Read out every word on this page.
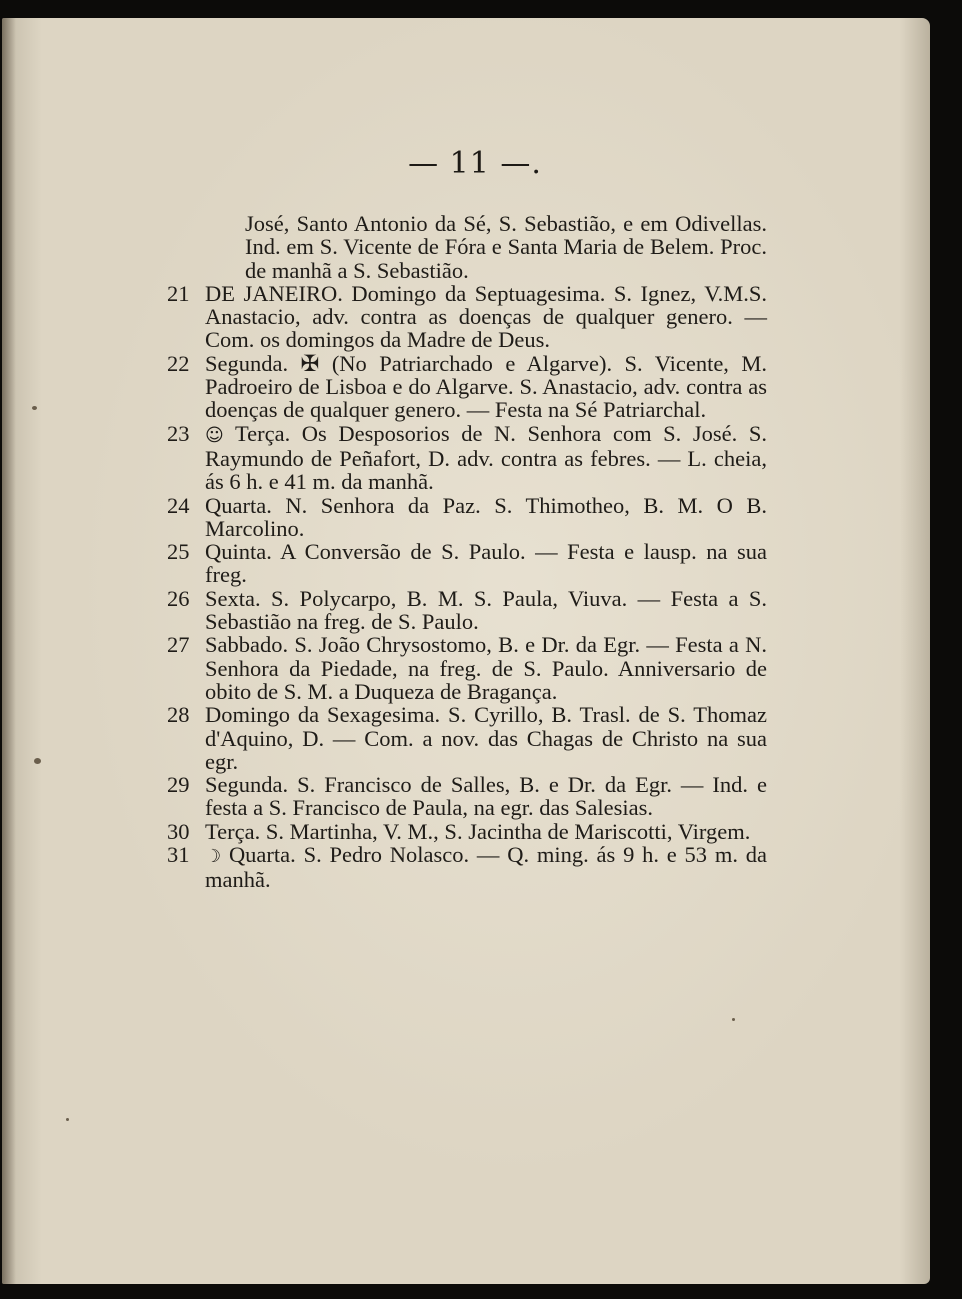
— 11 —.

José, Santo Antonio da Sé, S. Sebastião, e em Odivellas. Ind. em S. Vicente de Fóra e Santa Maria de Belem. Proc. de manhã a S. Sebastião.

21 DE JANEIRO. Domingo da Septuagesima. S. Ignez, V.M.S. Anastacio, adv. contra as doenças de qualquer genero. — Com. os domingos da Madre de Deus.
22 Segunda. ✠ (No Patriarchado e Algarve). S. Vicente, M. Padroeiro de Lisboa e do Algarve. S. Anastacio, adv. contra as doenças de qualquer genero. — Festa na Sé Patriarchal.
23 ☺ Terça. Os Desposorios de N. Senhora com S. José. S. Raymundo de Peñafort, D. adv. contra as febres. — L. cheia, ás 6 h. e 41 m. da manhã.
24 Quarta. N. Senhora da Paz. S. Thimotheo, B. M. O B. Marcolino.
25 Quinta. A Conversão de S. Paulo. — Festa e lausp. na sua freg.
26 Sexta. S. Polycarpo, B. M. S. Paula, Viuva. — Festa a S. Sebastião na freg. de S. Paulo.
27 Sabbado. S. João Chrysostomo, B. e Dr. da Egr. — Festa a N. Senhora da Piedade, na freg. de S. Paulo. Anniversario de obito de S. M. a Duqueza de Bragança.
28 Domingo da Sexagesima. S. Cyrillo, B. Trasl. de S. Thomaz d'Aquino, D. — Com. a nov. das Chagas de Christo na sua egr.
29 Segunda. S. Francisco de Salles, B. e Dr. da Egr. — Ind. e festa a S. Francisco de Paula, na egr. das Salesias.
30 Terça. S. Martinha, V. M., S. Jacintha de Mariscotti, Virgem.
31 ☽ Quarta. S. Pedro Nolasco. — Q. ming. ás 9 h. e 53 m. da manhã.
